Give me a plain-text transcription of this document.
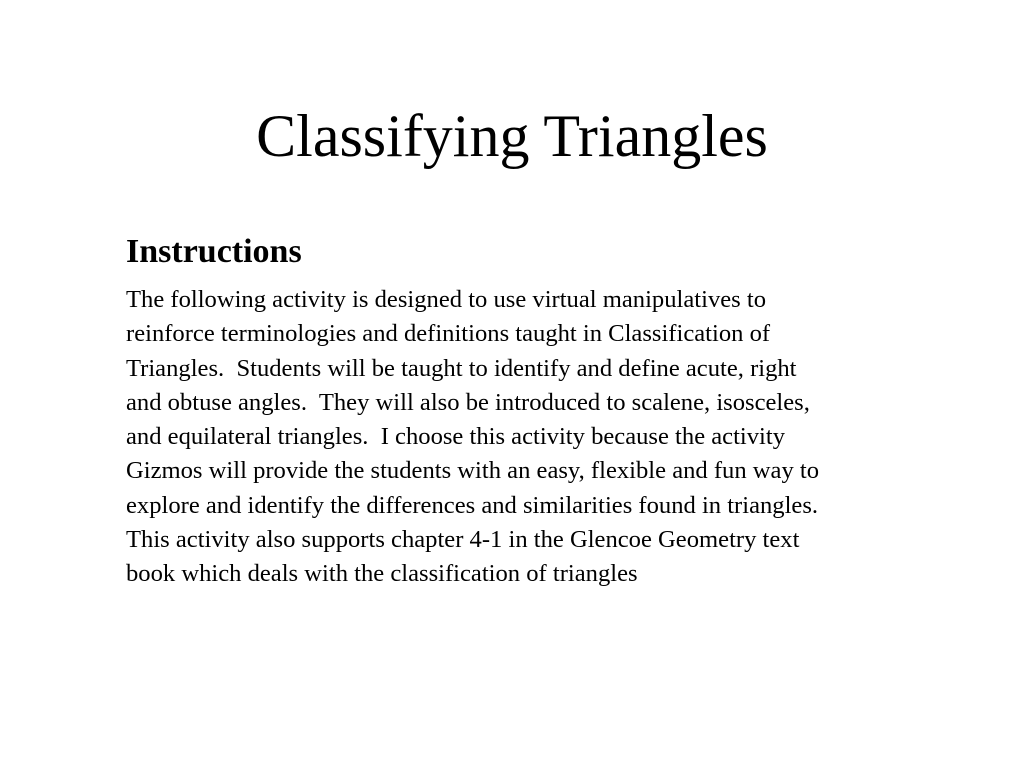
Classifying Triangles
Instructions

The following activity is designed to use virtual manipulatives to
reinforce terminologies and definitions taught in Classification of
Triangles.  Students will be taught to identify and define acute, right
and obtuse angles.  They will also be introduced to scalene, isosceles,
and equilateral triangles.  I choose this activity because the activity
Gizmos will provide the students with an easy, flexible and fun way to
explore and identify the differences and similarities found in triangles.
This activity also supports chapter 4-1 in the Glencoe Geometry text
book which deals with the classification of triangles
